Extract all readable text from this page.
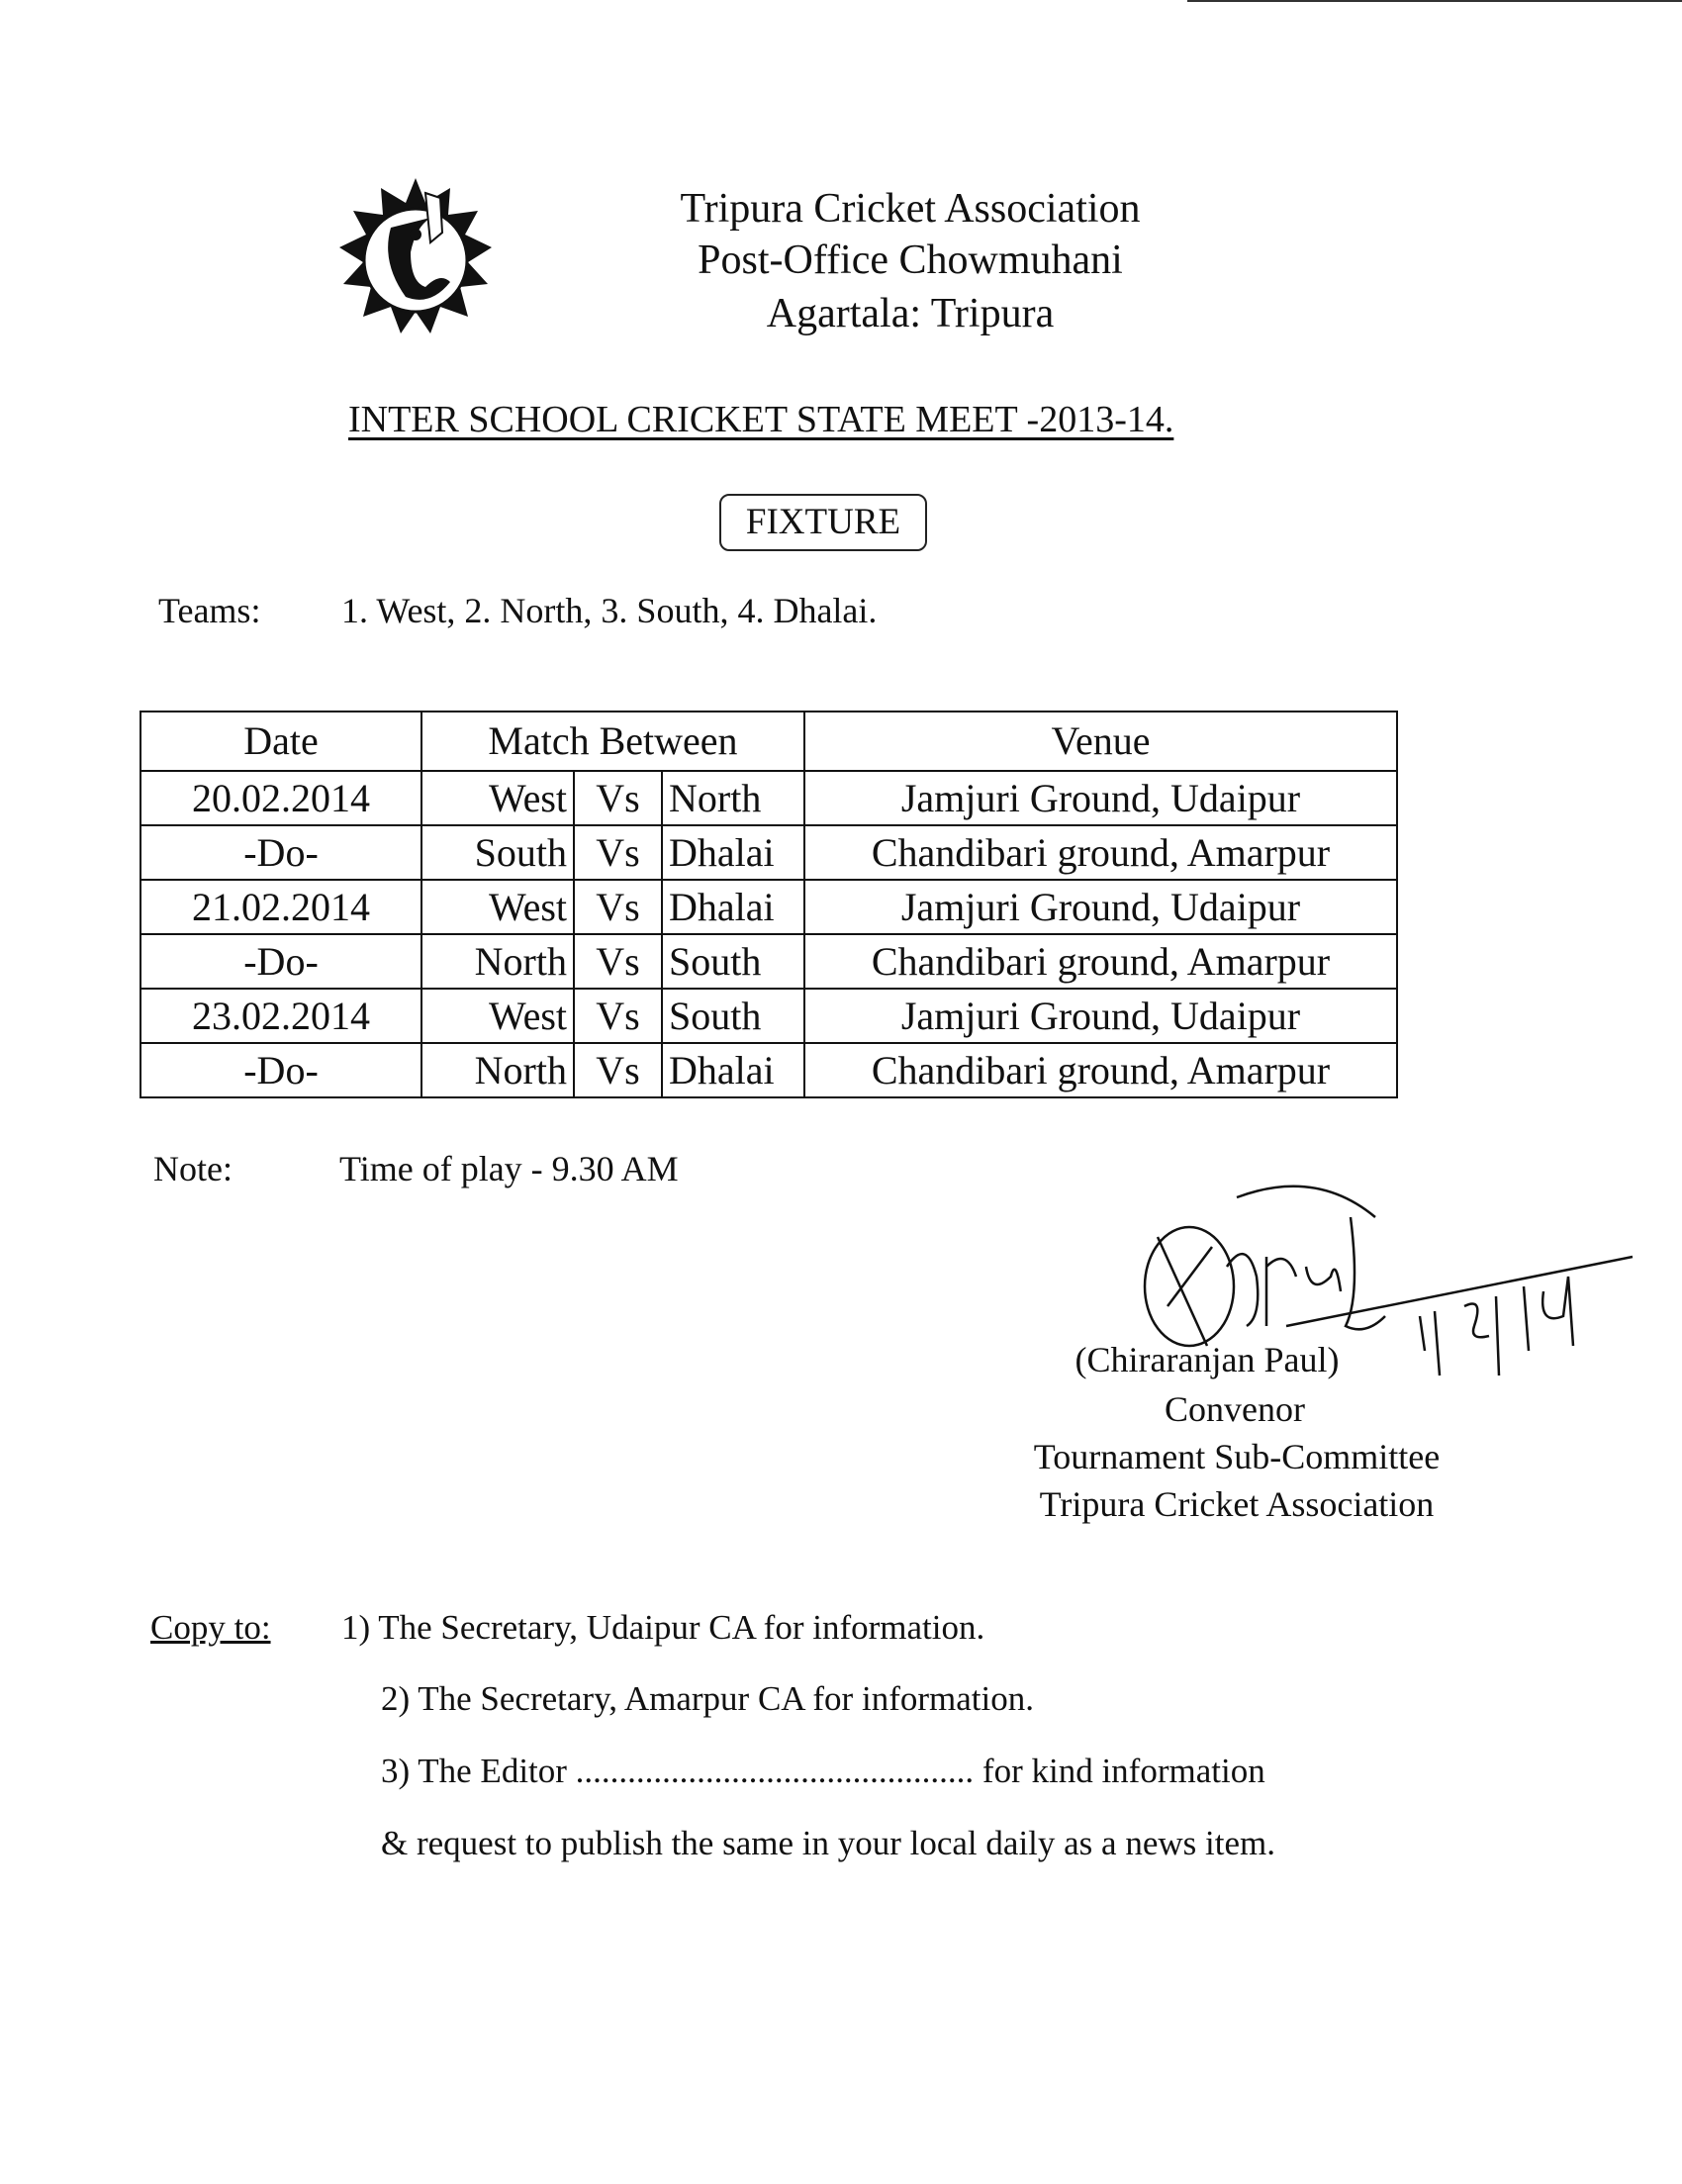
Tripura Cricket Association
Post-Office Chowmuhani
Agartala: Tripura
INTER SCHOOL CRICKET STATE MEET -2013-14.
FIXTURE
Teams: 1. West, 2. North, 3. South, 4. Dhalai.
Date	Match Between			Venue
20.02.2014	West	Vs	North	Jamjuri Ground, Udaipur
-Do-	South	Vs	Dhalai	Chandibari ground, Amarpur
21.02.2014	West	Vs	Dhalai	Jamjuri Ground, Udaipur
-Do-	North	Vs	South	Chandibari ground, Amarpur
23.02.2014	West	Vs	South	Jamjuri Ground, Udaipur
-Do-	North	Vs	Dhalai	Chandibari ground, Amarpur
Note:	Time of play - 9.30 AM
(Chiraranjan Paul)
Convenor
Tournament Sub-Committee
Tripura Cricket Association
Copy to: 1) The Secretary, Udaipur CA for information.
2) The Secretary, Amarpur CA for information.
3) The Editor .............................................. for kind information
& request to publish the same in your local daily as a news item.
